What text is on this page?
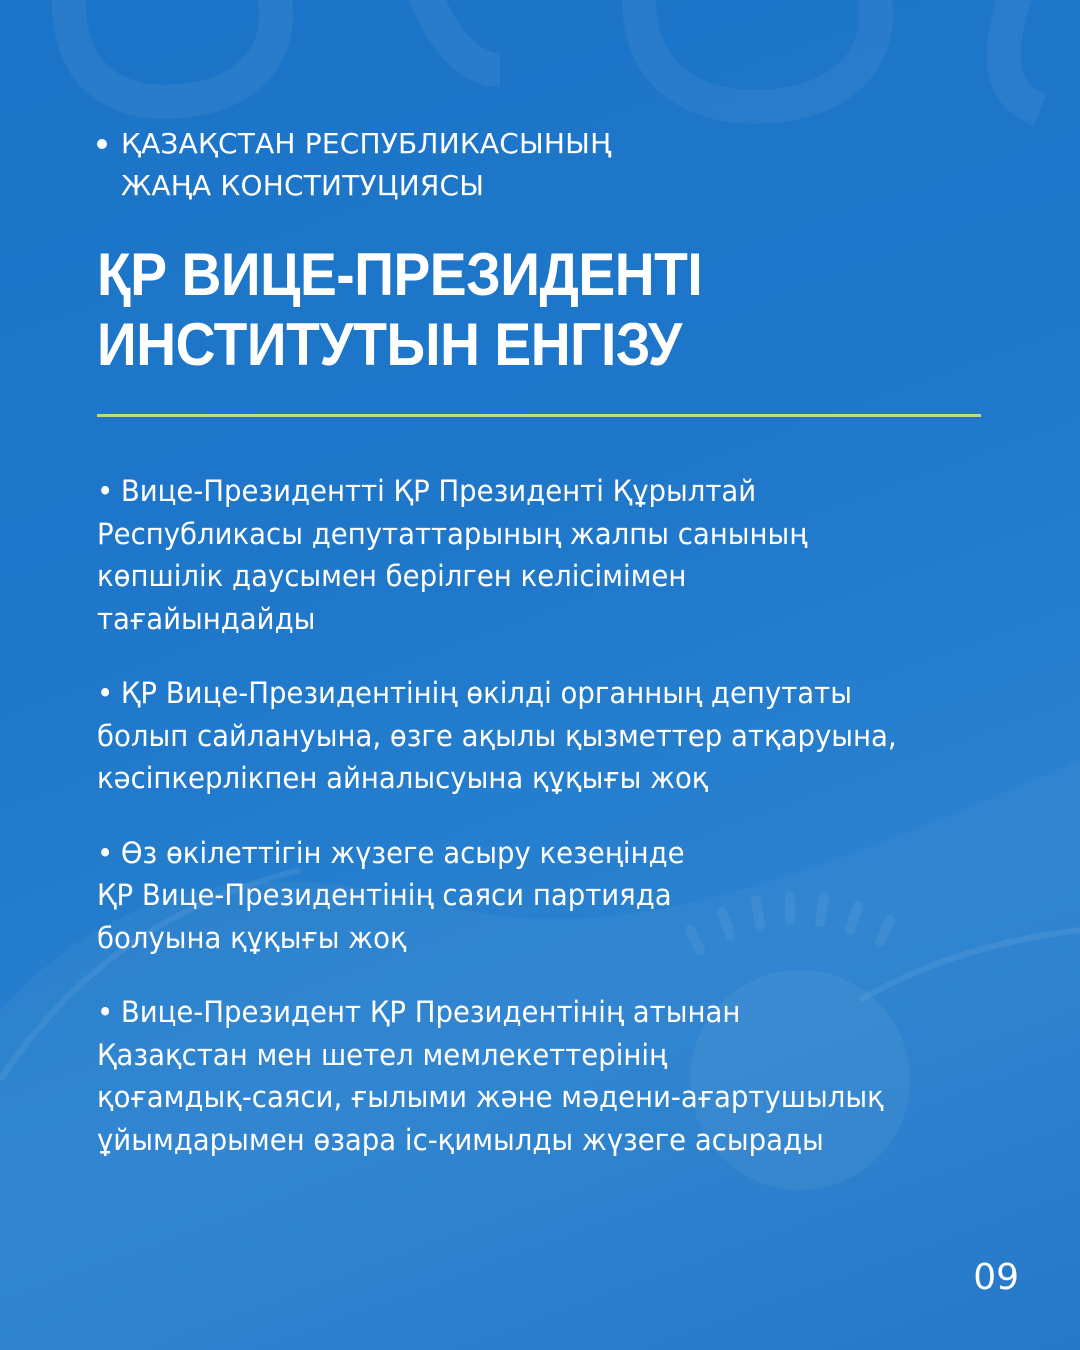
ҚАЗАҚСТАН РЕСПУБЛИКАСЫНЫҢ
ЖАҢА КОНСТИТУЦИЯСЫ
ҚР ВИЦЕ-ПРЕЗИДЕНТІ
ИНСТИТУТЫН ЕНГІЗУ
• Вице-Президентті ҚР Президенті Құрылтай
Республикасы депутаттарының жалпы санының
көпшілік даусымен берілген келісімімен
тағайындайды
• ҚР Вице-Президентінің өкілді органның депутаты
болып сайлануына, өзге ақылы қызметтер атқаруына,
кәсіпкерлікпен айналысуына құқығы жоқ
• Өз өкілеттігін жүзеге асыру кезеңінде
ҚР Вице-Президентінің саяси партияда
болуына құқығы жоқ
• Вице-Президент ҚР Президентінің атынан
Қазақстан мен шетел мемлекеттерінің
қоғамдық-саяси, ғылыми және мәдени-ағартушылық
ұйымдарымен өзара іс-қимылды жүзеге асырады
09
